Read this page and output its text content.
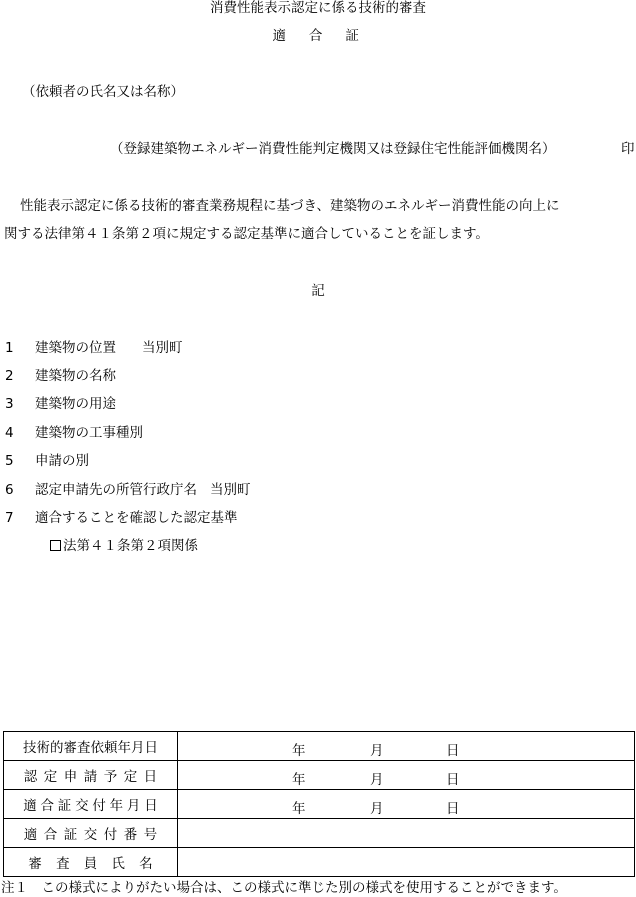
消費性能表示認定に係る技術的審査
適　合　証
（依頼者の氏名又は名称）
（登録建築物エネルギー消費性能判定機関又は登録住宅性能評価機関名）	印
性能表示認定に係る技術的審査業務規程に基づき、建築物のエネルギー消費性能の向上に
関する法律第４１条第２項に規定する認定基準に適合していることを証します。
記
1 建築物の位置 当別町
2 建築物の名称
3 建築物の用途
4 建築物の工事種別
5 申請の別
6 認定申請先の所管行政庁名 当別町
7 適合することを確認した認定基準
法第４１条第２項関係
技術的審査依頼年月日	年 月 日

認定申請予定日	年 月 日

適合証交付年月日	年 月 日

適合証交付番号	
審査員氏名	
注１　この様式によりがたい場合は、この様式に準じた別の様式を使用することができます。
